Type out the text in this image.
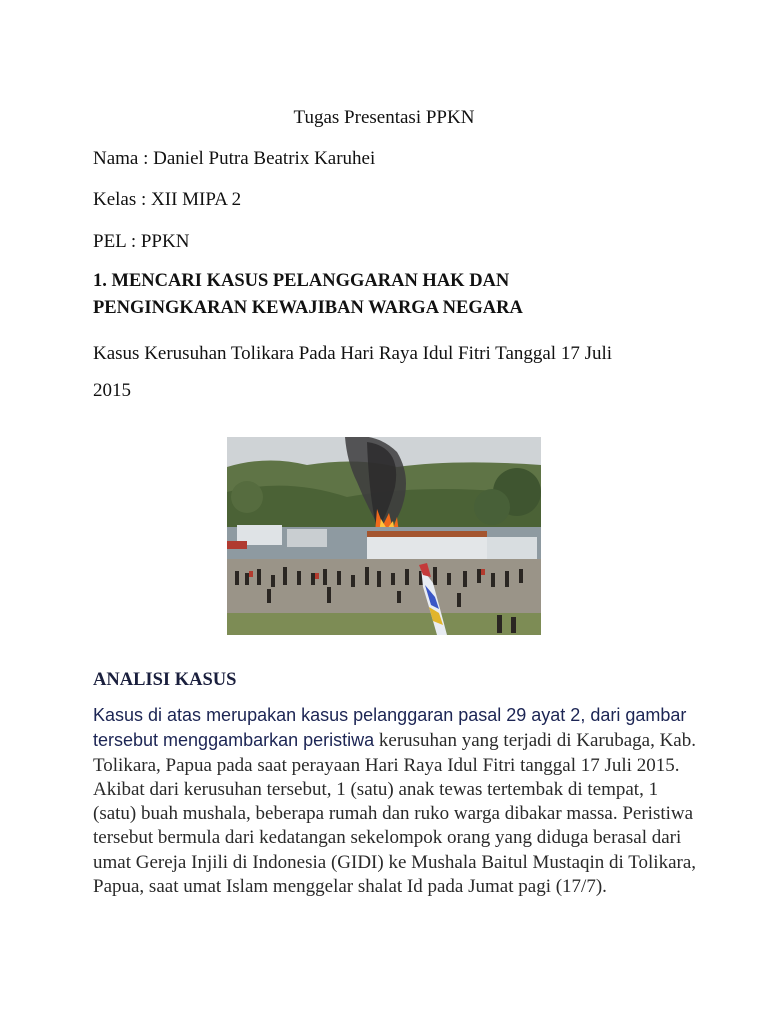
Tugas Presentasi PPKN
Nama : Daniel Putra Beatrix Karuhei
Kelas : XII MIPA 2
PEL : PPKN
1. MENCARI KASUS PELANGGARAN HAK DAN
PENGINGKARAN KEWAJIBAN WARGA NEGARA
Kasus Kerusuhan Tolikara Pada Hari Raya Idul Fitri Tanggal 17 Juli
2015
ANALISI KASUS
Kasus di atas merupakan kasus pelanggaran pasal 29 ayat 2, dari gambar tersebut menggambarkan peristiwa kerusuhan yang terjadi di Karubaga, Kab. Tolikara, Papua pada saat perayaan Hari Raya Idul Fitri tanggal 17 Juli 2015. Akibat dari kerusuhan tersebut, 1 (satu) anak tewas tertembak di tempat, 1 (satu) buah mushala, beberapa rumah dan ruko warga dibakar massa. Peristiwa tersebut bermula dari kedatangan sekelompok orang yang diduga berasal dari umat Gereja Injili di Indonesia (GIDI) ke Mushala Baitul Mustaqin di Tolikara, Papua, saat umat Islam menggelar shalat Id pada Jumat pagi (17/7).
